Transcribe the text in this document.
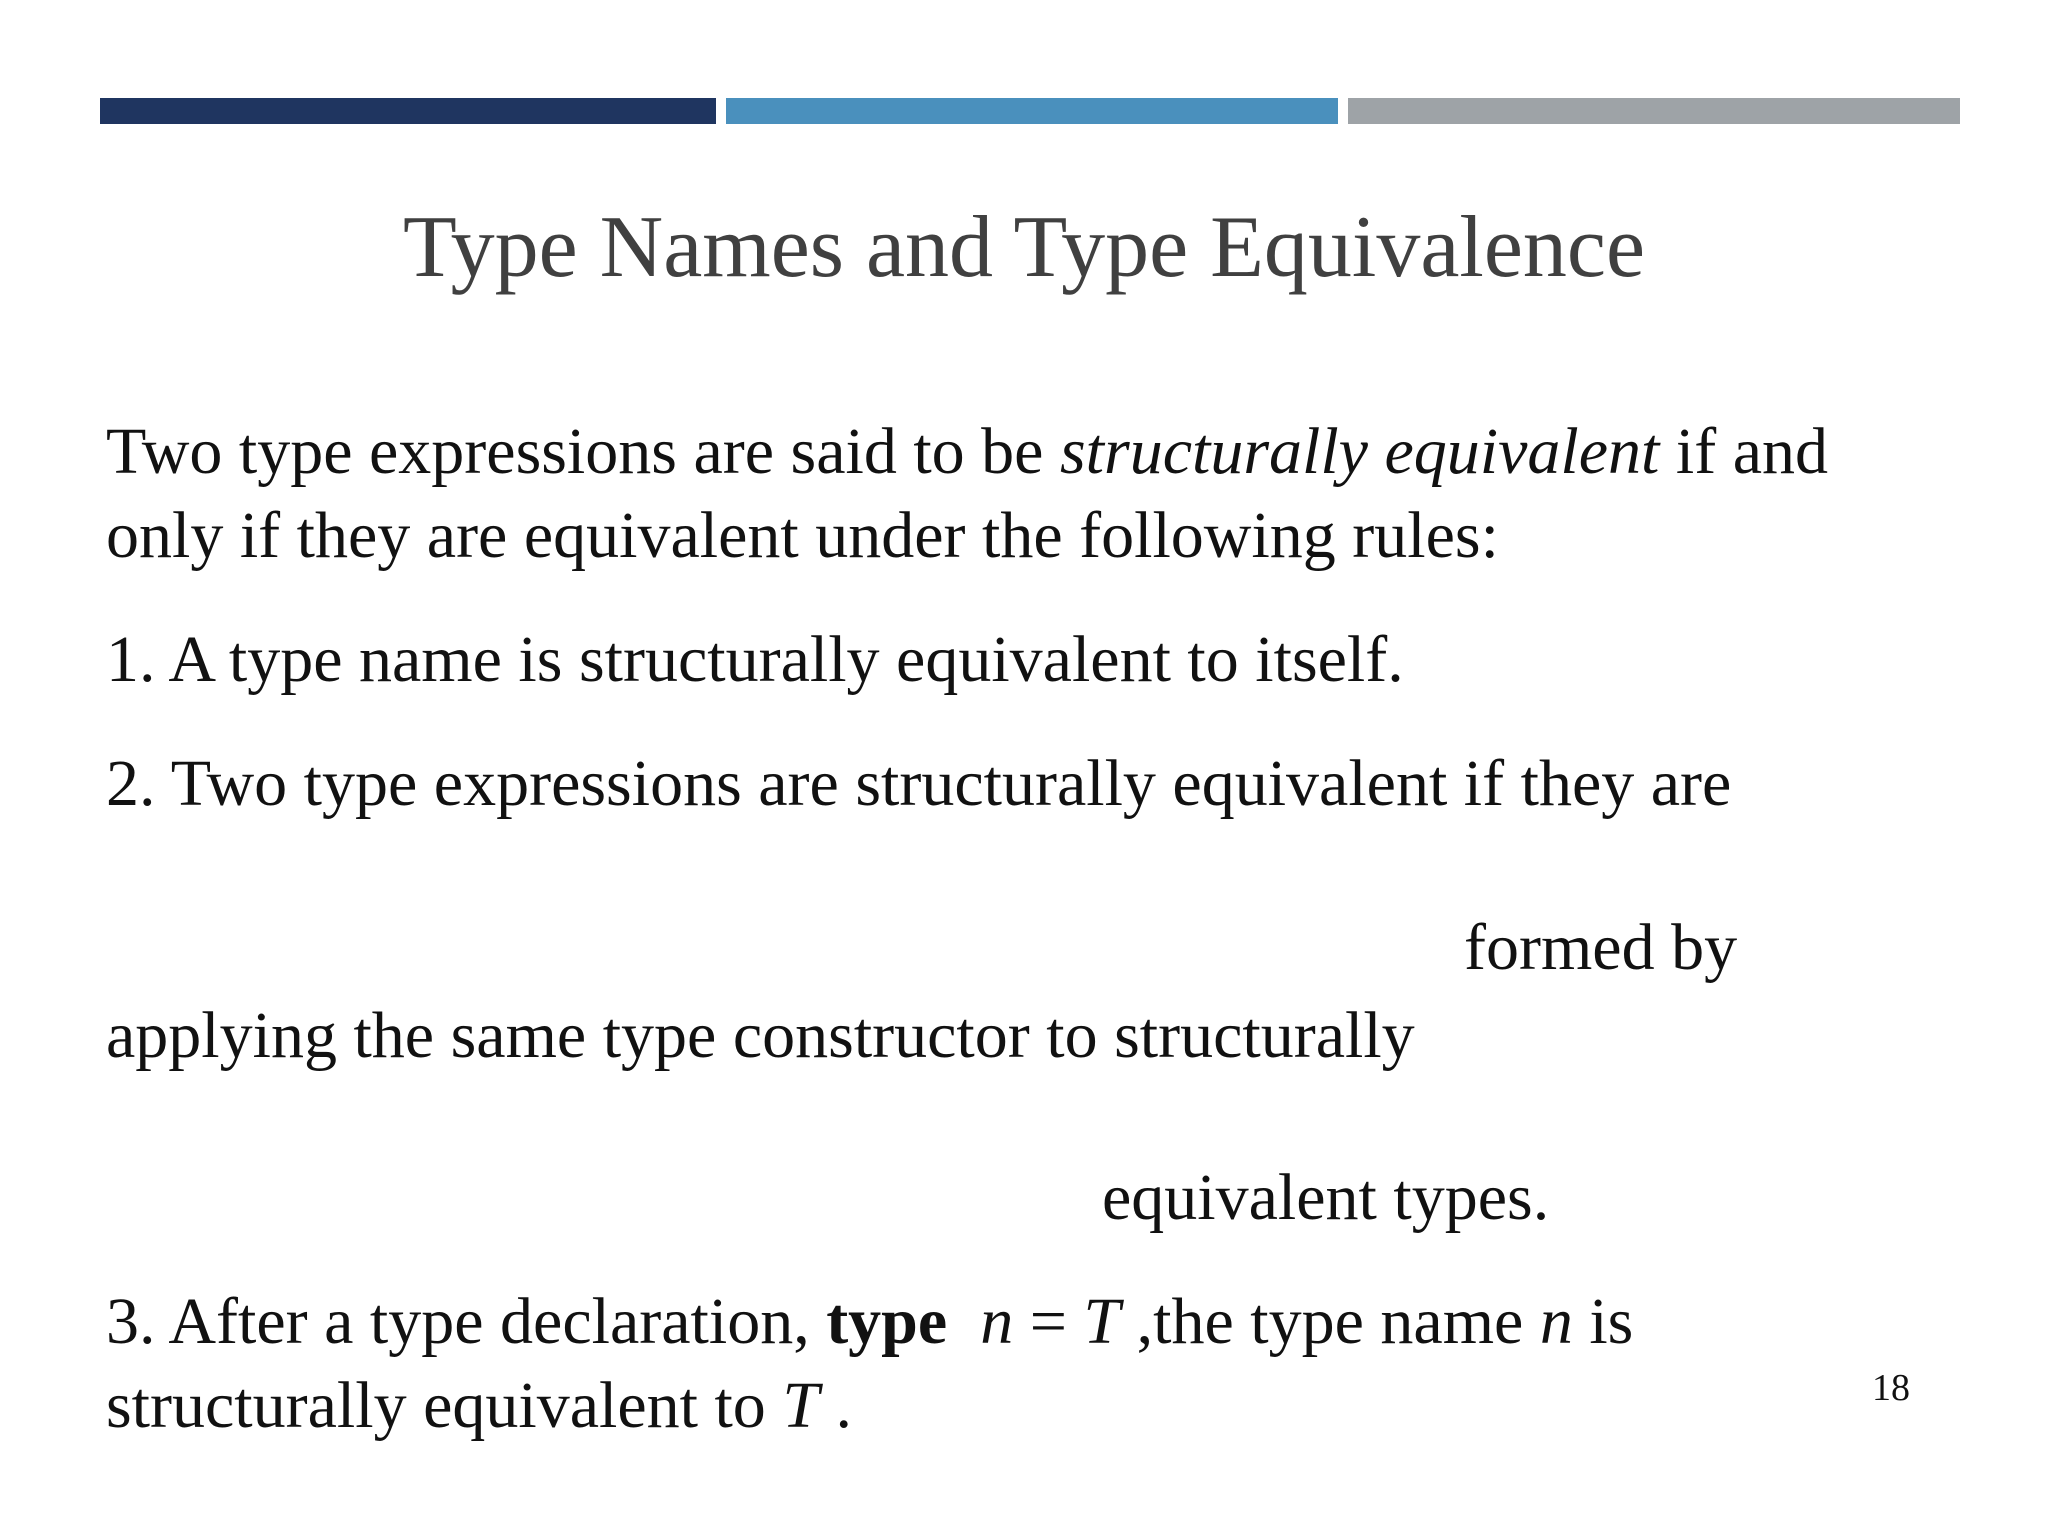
Type Names and Type Equivalence
Two type expressions are said to be structurally equivalent if and
only if they are equivalent under the following rules:
1. A type name is structurally equivalent to itself.
2. Two type expressions are structurally equivalent if they are
formed by
applying the same type constructor to structurally
equivalent types.
3. After a type declaration, type n = T ,the type name n is
structurally equivalent to T .	18
